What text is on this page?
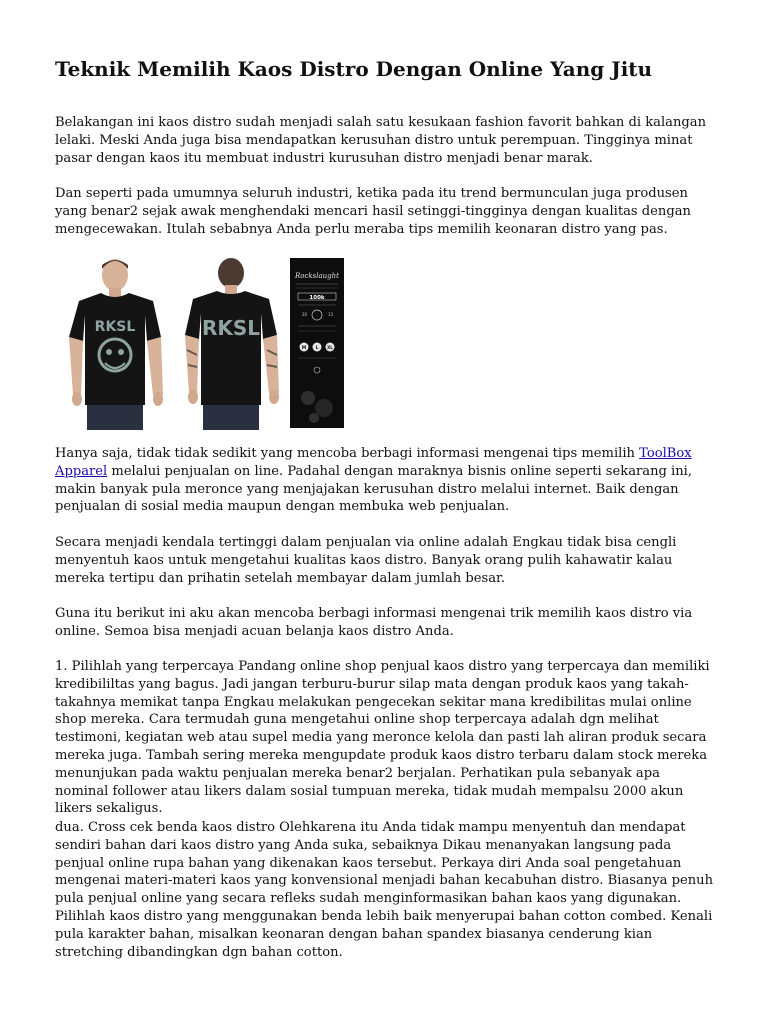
Teknik Memilih Kaos Distro Dengan Online Yang Jitu

Belakangan ini kaos distro sudah menjadi salah satu kesukaan fashion favorit bahkan di kalangan lelaki. Meski Anda juga bisa mendapatkan kerusuhan distro untuk perempuan. Tingginya minat pasar dengan kaos itu membuat industri kurusuhan distro menjadi benar marak.

Dan seperti pada umumnya seluruh industri, ketika pada itu trend bermunculan juga produsen yang benar2 sejak awak menghendaki mencari hasil setinggi-tingginya dengan kualitas dengan mengecewakan. Itulah sebabnya Anda perlu meraba tips memilih keonaran distro yang pas.

RKSL	RKSL
Rockslaught
100k
20	13
M L XL

Hanya saja, tidak tidak sedikit yang mencoba berbagi informasi mengenai tips memilih ToolBox Apparel melalui penjualan on line. Padahal dengan maraknya bisnis online seperti sekarang ini, makin banyak pula meronce yang menjajakan kerusuhan distro melalui internet. Baik dengan penjualan di sosial media maupun dengan membuka web penjualan.

Secara menjadi kendala tertinggi dalam penjualan via online adalah Engkau tidak bisa cengli menyentuh kaos untuk mengetahui kualitas kaos distro. Banyak orang pulih kahawatir kalau mereka tertipu dan prihatin setelah membayar dalam jumlah besar.

Guna itu berikut ini aku akan mencoba berbagi informasi mengenai trik memilih kaos distro via online. Semoa bisa menjadi acuan belanja kaos distro Anda.

1. Pilihlah yang terpercaya Pandang online shop penjual kaos distro yang terpercaya dan memiliki kredibililtas yang bagus. Jadi jangan terburu-burur silap mata dengan produk kaos yang takah-takahnya memikat tanpa Engkau melakukan pengecekan sekitar mana kredibilitas mulai online shop mereka. Cara termudah guna mengetahui online shop terpercaya adalah dgn melihat testimoni, kegiatan web atau supel media yang meronce kelola dan pasti lah aliran produk secara mereka juga. Tambah sering mereka mengupdate produk kaos distro terbaru dalam stock mereka menunjukan pada waktu penjualan mereka benar2 berjalan. Perhatikan pula sebanyak apa nominal follower atau likers dalam sosial tumpuan mereka, tidak mudah mempalsu 2000 akun likers sekaligus.

dua. Cross cek benda kaos distro Olehkarena itu Anda tidak mampu menyentuh dan mendapat sendiri bahan dari kaos distro yang Anda suka, sebaiknya Dikau menanyakan langsung pada penjual online rupa bahan yang dikenakan kaos tersebut. Perkaya diri Anda soal pengetahuan mengenai materi-materi kaos yang konvensional menjadi bahan kecabuhan distro. Biasanya penuh pula penjual online yang secara refleks sudah menginformasikan bahan kaos yang digunakan. Pilihlah kaos distro yang menggunakan benda lebih baik menyerupai bahan cotton combed. Kenali pula karakter bahan, misalkan keonaran dengan bahan spandex biasanya cenderung kian stretching dibandingkan dgn bahan cotton.
